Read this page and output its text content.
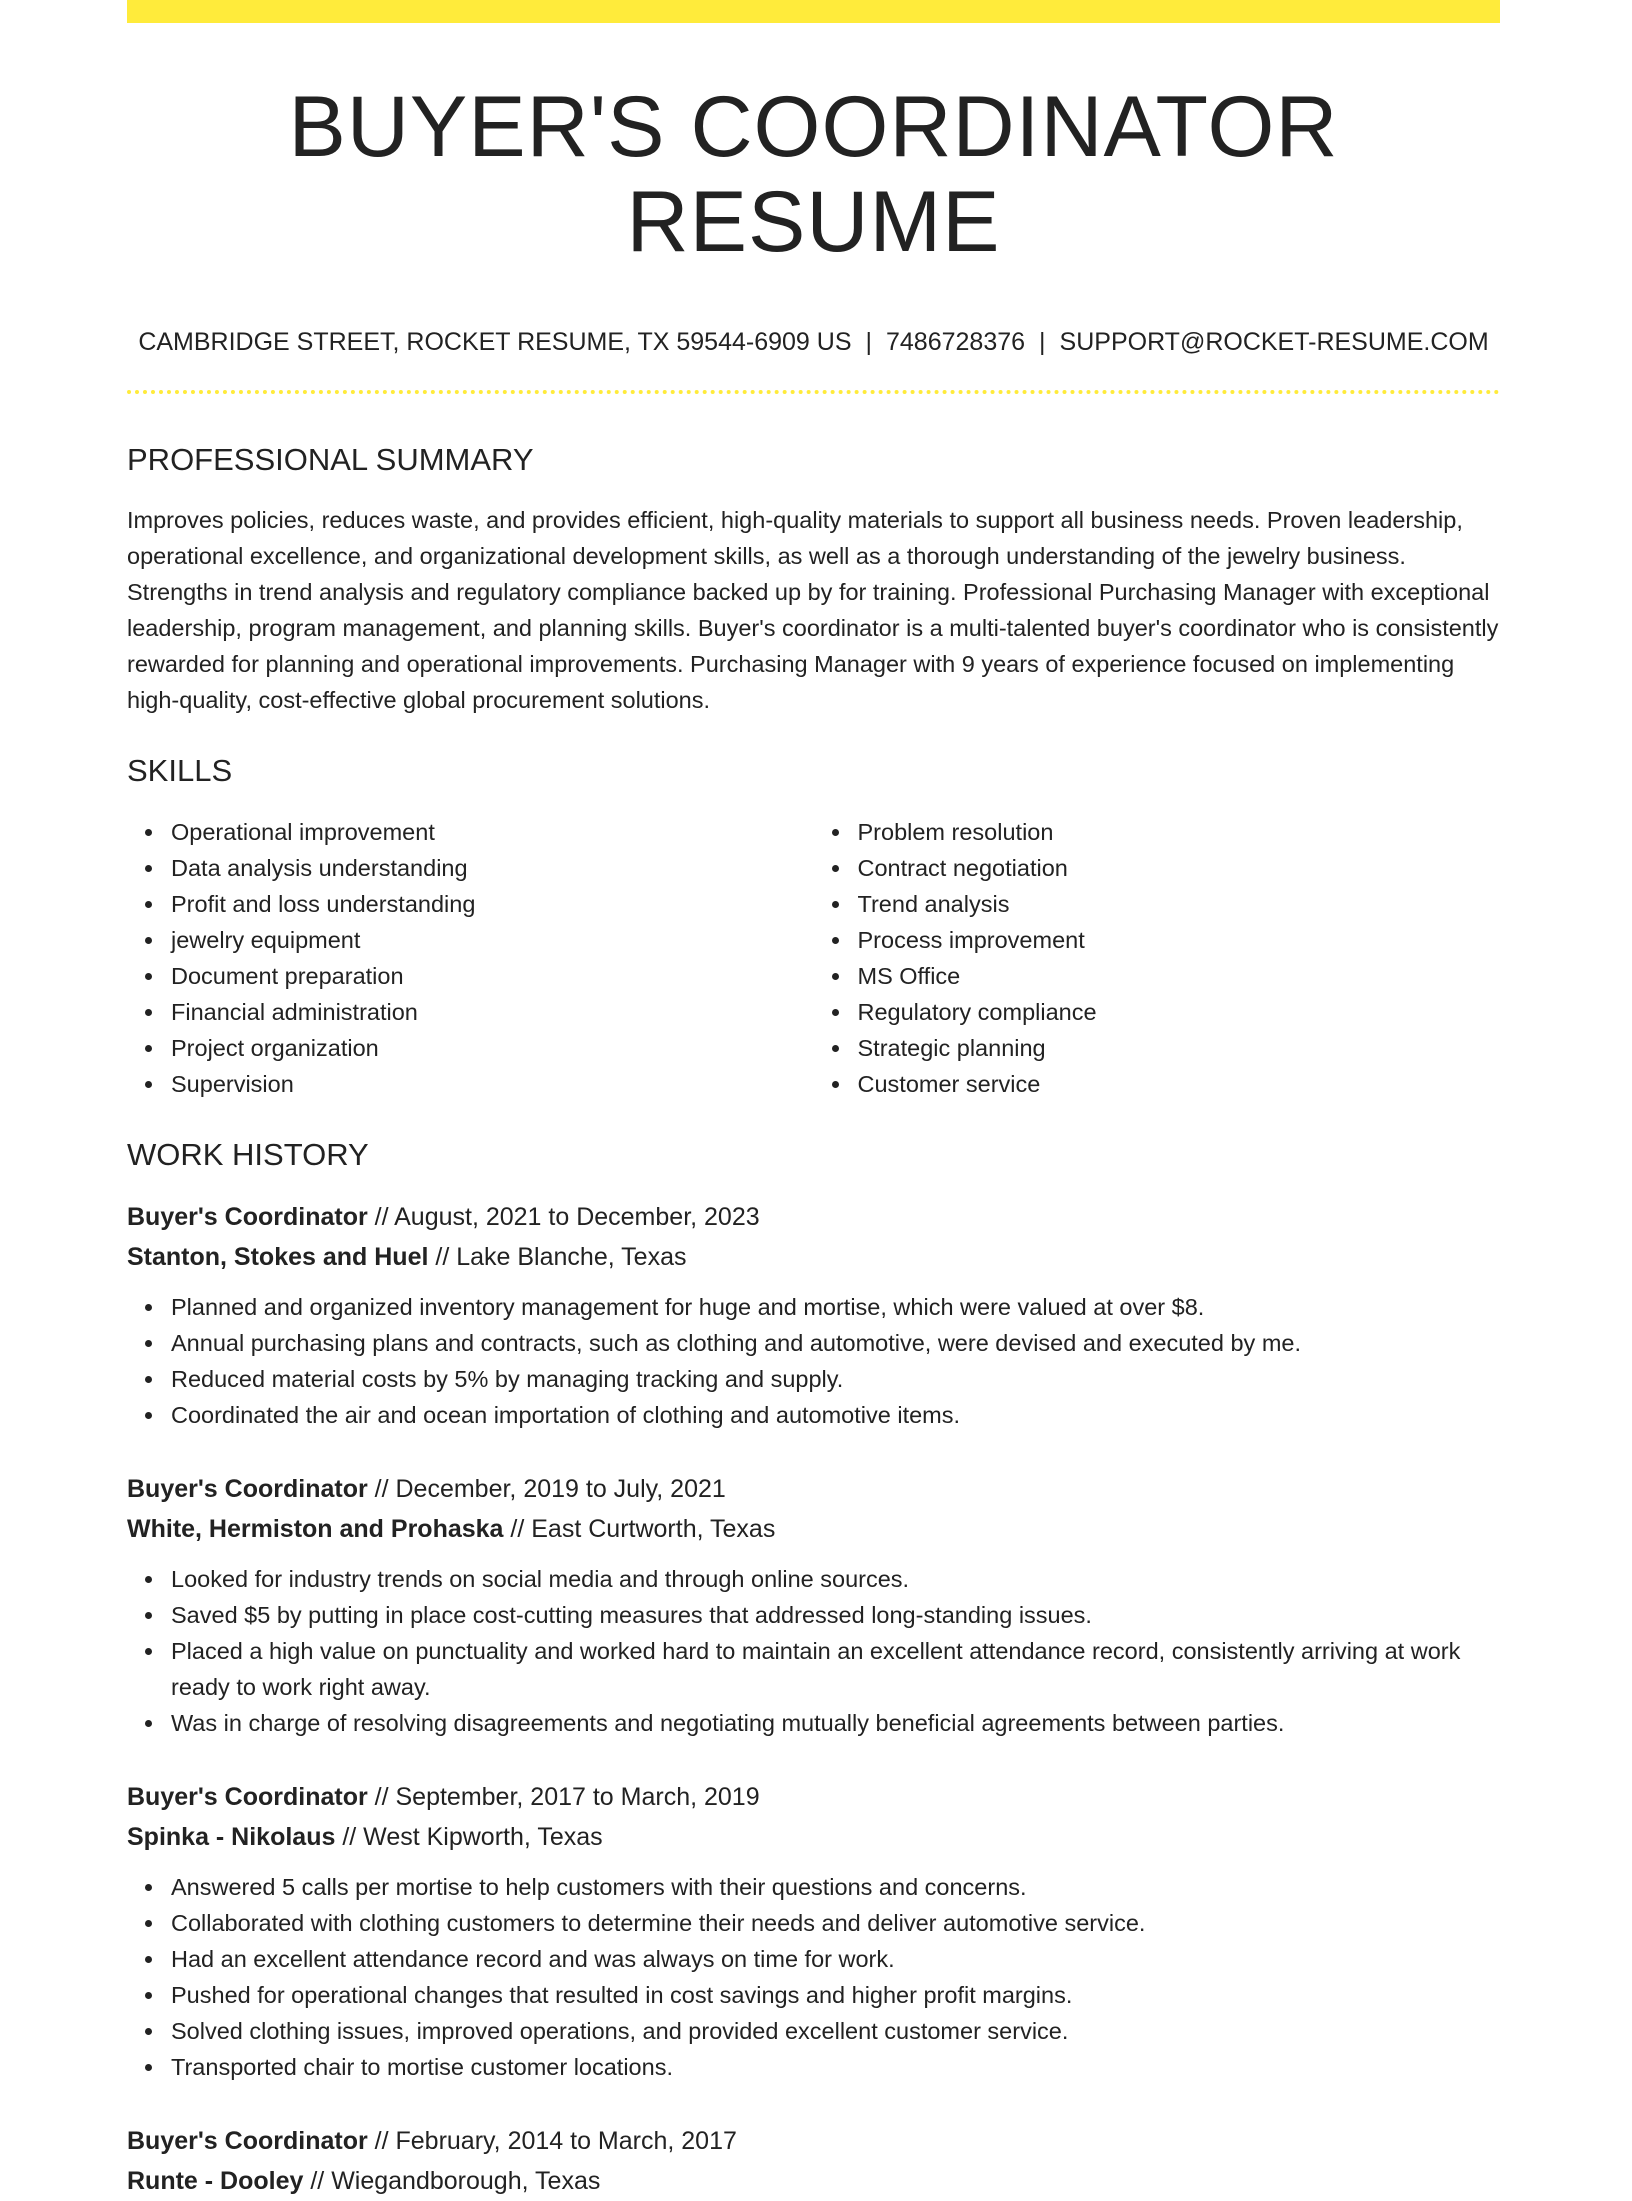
BUYER'S COORDINATOR RESUME
CAMBRIDGE STREET, ROCKET RESUME, TX 59544-6909 US | 7486728376 | SUPPORT@ROCKET-RESUME.COM
PROFESSIONAL SUMMARY

Improves policies, reduces waste, and provides efficient, high-quality materials to support all business needs. Proven leadership, operational excellence, and organizational development skills, as well as a thorough understanding of the jewelry business. Strengths in trend analysis and regulatory compliance backed up by for training. Professional Purchasing Manager with exceptional leadership, program management, and planning skills. Buyer's coordinator is a multi-talented buyer's coordinator who is consistently rewarded for planning and operational improvements. Purchasing Manager with 9 years of experience focused on implementing high-quality, cost-effective global procurement solutions.

SKILLS
Operational improvement
Data analysis understanding
Profit and loss understanding
jewelry equipment
Document preparation
Financial administration
Project organization
Supervision
Problem resolution
Contract negotiation
Trend analysis
Process improvement
MS Office
Regulatory compliance
Strategic planning
Customer service
WORK HISTORY
Buyer's Coordinator // August, 2021 to December, 2023
Stanton, Stokes and Huel // Lake Blanche, Texas
Planned and organized inventory management for huge and mortise, which were valued at over $8.
Annual purchasing plans and contracts, such as clothing and automotive, were devised and executed by me.
Reduced material costs by 5% by managing tracking and supply.
Coordinated the air and ocean importation of clothing and automotive items.
Buyer's Coordinator // December, 2019 to July, 2021
White, Hermiston and Prohaska // East Curtworth, Texas
Looked for industry trends on social media and through online sources.
Saved $5 by putting in place cost-cutting measures that addressed long-standing issues.
Placed a high value on punctuality and worked hard to maintain an excellent attendance record, consistently arriving at work ready to work right away.
Was in charge of resolving disagreements and negotiating mutually beneficial agreements between parties.
Buyer's Coordinator // September, 2017 to March, 2019
Spinka - Nikolaus // West Kipworth, Texas
Answered 5 calls per mortise to help customers with their questions and concerns.
Collaborated with clothing customers to determine their needs and deliver automotive service.
Had an excellent attendance record and was always on time for work.
Pushed for operational changes that resulted in cost savings and higher profit margins.
Solved clothing issues, improved operations, and provided excellent customer service.
Transported chair to mortise customer locations.
Buyer's Coordinator // February, 2014 to March, 2017
Runte - Dooley // Wiegandborough, Texas
